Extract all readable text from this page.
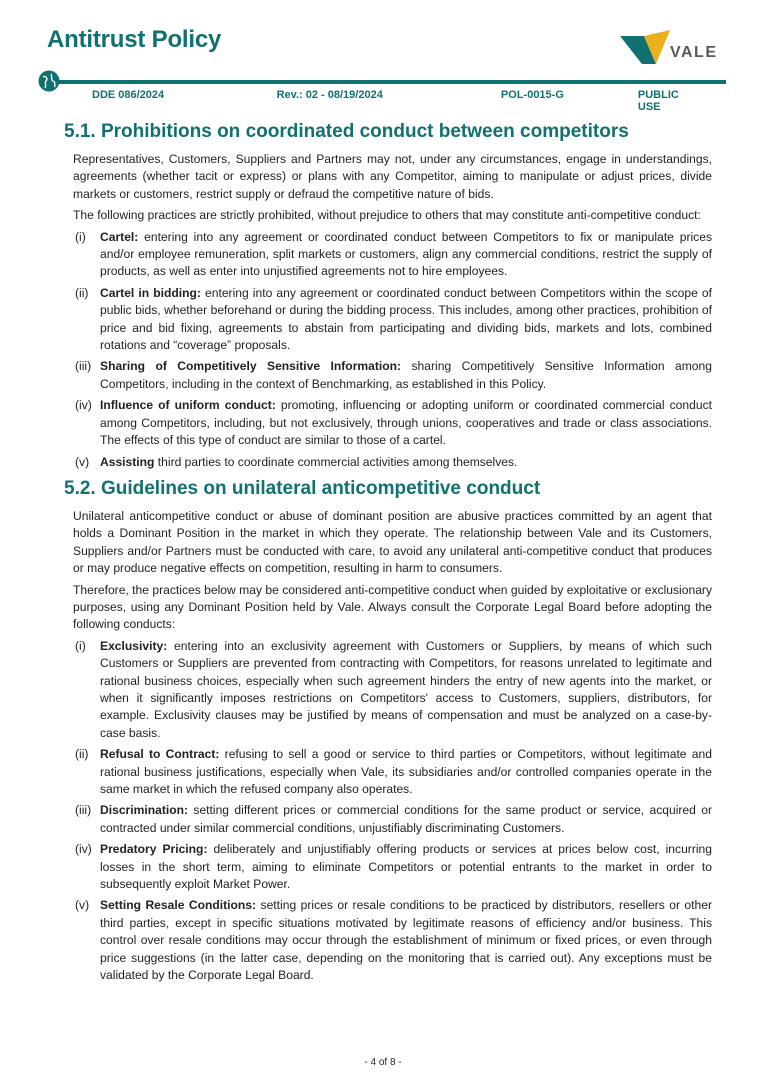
Antitrust Policy	VALE
DDE 086/2024	Rev.: 02 - 08/19/2024	POL-0015-G	PUBLIC USE
5.1. Prohibitions on coordinated conduct between competitors

Representatives, Customers, Suppliers and Partners may not, under any circumstances, engage in understandings, agreements (whether tacit or express) or plans with any Competitor, aiming to manipulate or adjust prices, divide markets or customers, restrict supply or defraud the competitive nature of bids.

The following practices are strictly prohibited, without prejudice to others that may constitute anti-competitive conduct:

(i)	Cartel: entering into any agreement or coordinated conduct between Competitors to fix or manipulate prices and/or employee remuneration, split markets or customers, align any commercial conditions, restrict the supply of products, as well as enter into unjustified agreements not to hire employees.
(ii) Cartel in bidding: entering into any agreement or coordinated conduct between Competitors within the scope of public bids, whether beforehand or during the bidding process. This includes, among other practices, prohibition of price and bid fixing, agreements to abstain from participating and dividing bids, markets and lots, combined rotations and “coverage” proposals.
(iii) Sharing of Competitively Sensitive Information: sharing Competitively Sensitive Information among Competitors, including in the context of Benchmarking, as established in this Policy.
(iv) Influence of uniform conduct: promoting, influencing or adopting uniform or coordinated commercial conduct among Competitors, including, but not exclusively, through unions, cooperatives and trade or class associations. The effects of this type of conduct are similar to those of a cartel.
(v) Assisting third parties to coordinate commercial activities among themselves.
5.2. Guidelines on unilateral anticompetitive conduct

Unilateral anticompetitive conduct or abuse of dominant position are abusive practices committed by an agent that holds a Dominant Position in the market in which they operate. The relationship between Vale and its Customers, Suppliers and/or Partners must be conducted with care, to avoid any unilateral anti-competitive conduct that produces or may produce negative effects on competition, resulting in harm to consumers.

Therefore, the practices below may be considered anti-competitive conduct when guided by exploitative or exclusionary purposes, using any Dominant Position held by Vale. Always consult the Corporate Legal Board before adopting the following conducts:

(i)	Exclusivity: entering into an exclusivity agreement with Customers or Suppliers, by means of which such Customers or Suppliers are prevented from contracting with Competitors, for reasons unrelated to legitimate and rational business choices, especially when such agreement hinders the entry of new agents into the market, or when it significantly imposes restrictions on Competitors' access to Customers, suppliers, distributors, for example. Exclusivity clauses may be justified by means of compensation and must be analyzed on a case-by-case basis.
(ii) Refusal to Contract: refusing to sell a good or service to third parties or Competitors, without legitimate and rational business justifications, especially when Vale, its subsidiaries and/or controlled companies operate in the same market in which the refused company also operates.
(iii) Discrimination: setting different prices or commercial conditions for the same product or service, acquired or contracted under similar commercial conditions, unjustifiably discriminating Customers.
(iv) Predatory Pricing: deliberately and unjustifiably offering products or services at prices below cost, incurring losses in the short term, aiming to eliminate Competitors or potential entrants to the market in order to subsequently exploit Market Power.
(v) Setting Resale Conditions: setting prices or resale conditions to be practiced by distributors, resellers or other third parties, except in specific situations motivated by legitimate reasons of efficiency and/or business. This control over resale conditions may occur through the establishment of minimum or fixed prices, or even through price suggestions (in the latter case, depending on the monitoring that is carried out). Any exceptions must be validated by the Corporate Legal Board.
- 4 of 8 -
